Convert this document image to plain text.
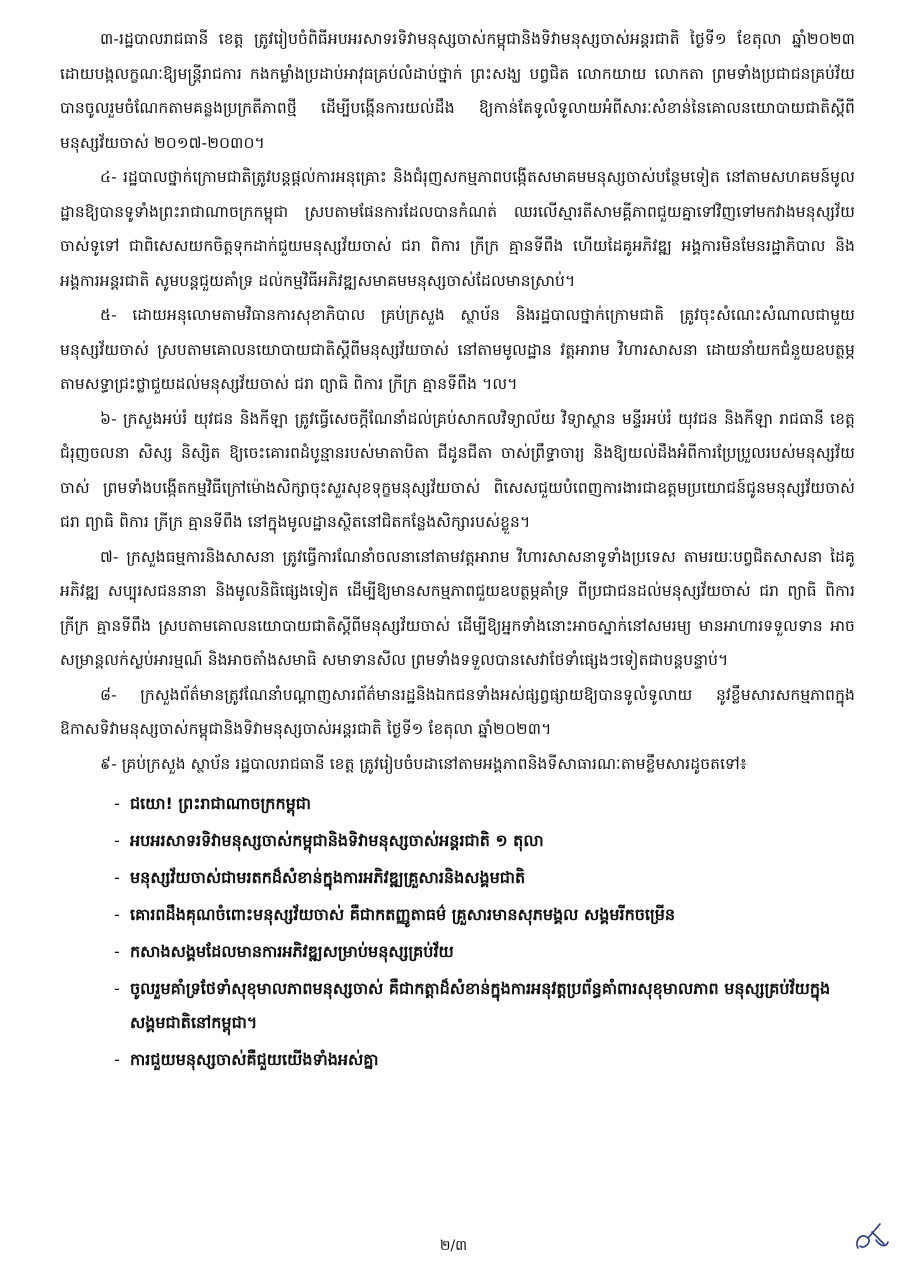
៣-រដ្ឋបាលរាជធានី ខេត្ត ត្រូវរៀបចំពិធីអបអរសាទរទិវាមនុស្សចាស់កម្ពុជានិងទិវាមនុស្សចាស់អន្តរជាតិ ថ្ងៃទី១ ខែតុលា ឆ្នាំ២០២៣ ដោយបង្កលក្ខណៈឱ្យមន្ត្រីរាជការ កងកម្លាំងប្រដាប់អាវុធគ្រប់លំដាប់ថ្នាក់ ព្រះសង្ឃ បព្វជិត លោកយាយ លោកតា ព្រមទាំងប្រជាជនគ្រប់វ័យបានចូលរួមចំណែកតាមគន្លងប្រក្រតីភាពថ្មី ដើម្បីបង្កើនការយល់ដឹង ឱ្យកាន់តែទូលំទូលាយអំពីសារៈសំខាន់នៃគោលនយោបាយជាតិស្តីពីមនុស្សវ័យចាស់ ២០១៧-២០៣០។

៤- រដ្ឋបាលថ្នាក់ក្រោមជាតិត្រូវបន្តផ្តល់ការអនុគ្រោះ និងជំរុញសកម្មភាពបង្កើតសមាគមមនុស្សចាស់បន្ថែមទៀត នៅតាមសហគមន៍មូលដ្ឋានឱ្យបានទូទាំងព្រះរាជាណាចក្រកម្ពុជា ស្របតាមផែនការដែលបានកំណត់ ឈរលើស្មារតីសាមគ្គីភាពជួយគ្នាទៅវិញទៅមកវាងមនុស្សវ័យចាស់ទូទៅ ជាពិសេសយកចិត្តទុកដាក់ជួយមនុស្សវ័យចាស់ ជរា ពិការ ក្រីក្រ គ្មានទីពឹង ហើយដៃគូអភិវឌ្ឍ អង្គការមិនមែនរដ្ឋាភិបាល និងអង្គការអន្តរជាតិ សូមបន្តជួយគាំទ្រ ដល់កម្មវិធីអភិវឌ្ឍសមាគមមនុស្សចាស់ដែលមានស្រាប់។

៥- ដោយអនុលោមតាមវិធានការសុខាភិបាល គ្រប់ក្រសួង ស្ថាប័ន និងរដ្ឋបាលថ្នាក់ក្រោមជាតិ ត្រូវចុះសំណេះសំណាលជាមួយមនុស្សវ័យចាស់ ស្របតាមគោលនយោបាយជាតិស្តីពីមនុស្សវ័យចាស់ នៅតាមមូលដ្ឋាន វត្តអារាម វិហារសាសនា ដោយនាំយកជំនួយឧបត្ថម្ភតាមសទ្ធាជ្រះថ្លាជួយដល់មនុស្សវ័យចាស់ ជរា ព្យាធិ ពិការ ក្រីក្រ គ្មានទីពឹង ។ល។

៦- ក្រសួងអប់រំ យុវជន និងកីឡា ត្រូវធ្វើសេចក្តីណែនាំដល់គ្រប់សាកលវិទ្យាល័យ វិទ្យាស្ថាន មន្ទីរអប់រំ យុវជន និងកីឡា រាជធានី ខេត្ត ជំរុញចលនា សិស្ស និស្សិត ឱ្យចេះគោរពដំបូន្មានរបស់មាតាបិតា ជីដូនជីតា ចាស់ព្រឹទ្ធាចារ្យ និងឱ្យយល់ដឹងអំពីការប្រែប្រួលរបស់មនុស្សវ័យចាស់ ព្រមទាំងបង្កើតកម្មវិធីក្រៅម៉ោងសិក្សាចុះសួរសុខទុក្ខមនុស្សវ័យចាស់ ពិសេសជួយបំពេញការងារជាឧត្តមប្រយោជន៍ជូនមនុស្សវ័យចាស់ ជរា ព្យាធិ ពិការ ក្រីក្រ គ្មានទីពឹង នៅក្នុងមូលដ្ឋានស្ថិតនៅជិតកន្លែងសិក្សារបស់ខ្លួន។

៧- ក្រសួងធម្មការនិងសាសនា ត្រូវធ្វើការណែនាំចលនានៅតាមវត្តអារាម វិហារសាសនាទូទាំងប្រទេស តាមរយៈបព្វជិតសាសនា ដៃគូអភិវឌ្ឍ សប្បុរសជននានា និងមូលនិធិផ្សេងទៀត ដើម្បីឱ្យមានសកម្មភាពជួយឧបត្ថម្ភគាំទ្រ ពីប្រជាជនដល់មនុស្សវ័យចាស់ ជរា ព្យាធិ ពិការ ក្រីក្រ គ្មានទីពឹង ស្របតាមគោលនយោបាយជាតិស្តីពីមនុស្សវ័យចាស់ ដើម្បីឱ្យអ្នកទាំងនោះអាចស្នាក់នៅសមរម្យ មានអាហារទទួលទាន អាចសម្រាន្តលក់ស្ងប់អារម្មណ៍ និងអាចតាំងសមាធិ សមាទានសីល ព្រមទាំងទទួលបានសេវាថែទាំផ្សេងៗទៀតជាបន្តបន្ទាប់។

៨- ក្រសួងព័ត៌មានត្រូវណែនាំបណ្តាញសារព័ត៌មានរដ្ឋនិងឯកជនទាំងអស់ផ្សព្វផ្សាយឱ្យបានទូលំទូលាយ នូវខ្លឹមសារសកម្មភាពក្នុងឱកាសទិវាមនុស្សចាស់កម្ពុជានិងទិវាមនុស្សចាស់អន្តរជាតិ ថ្ងៃទី១ ខែតុលា ឆ្នាំ២០២៣។

៩- គ្រប់ក្រសួង ស្ថាប័ន រដ្ឋបាលរាជធានី ខេត្ត ត្រូវរៀបចំបដានៅតាមអង្គភាពនិងទីសាធារណៈតាមខ្លឹមសារដូចតទៅ៖

- ជយោ! ព្រះរាជាណាចក្រកម្ពុជា
- អបអរសាទរទិវាមនុស្សចាស់កម្ពុជានិងទិវាមនុស្សចាស់អន្តរជាតិ ១ តុលា
- មនុស្សវ័យចាស់ជាមរតកដ៏សំខាន់ក្នុងការអភិវឌ្ឍគ្រួសារនិងសង្គមជាតិ
- គោរពដឹងគុណចំពោះមនុស្សវ័យចាស់ គឺជាកតញ្ញូតាធម៌ គ្រួសារមានសុភមង្គល សង្គមរីកចម្រើន
- កសាងសង្គមដែលមានការអភិវឌ្ឍសម្រាប់មនុស្សគ្រប់វ័យ
- ចូលរួមគាំទ្រថែទាំសុខុមាលភាពមនុស្សចាស់ គឺជាកត្តាដ៏សំខាន់ក្នុងការអនុវត្តប្រព័ន្ធគាំពារសុខុមាលភាព មនុស្សគ្រប់វ័យក្នុងសង្គមជាតិនៅកម្ពុជា។
- ការជួយមនុស្សចាស់គឺជួយយើងទាំងអស់គ្នា
២/៣
